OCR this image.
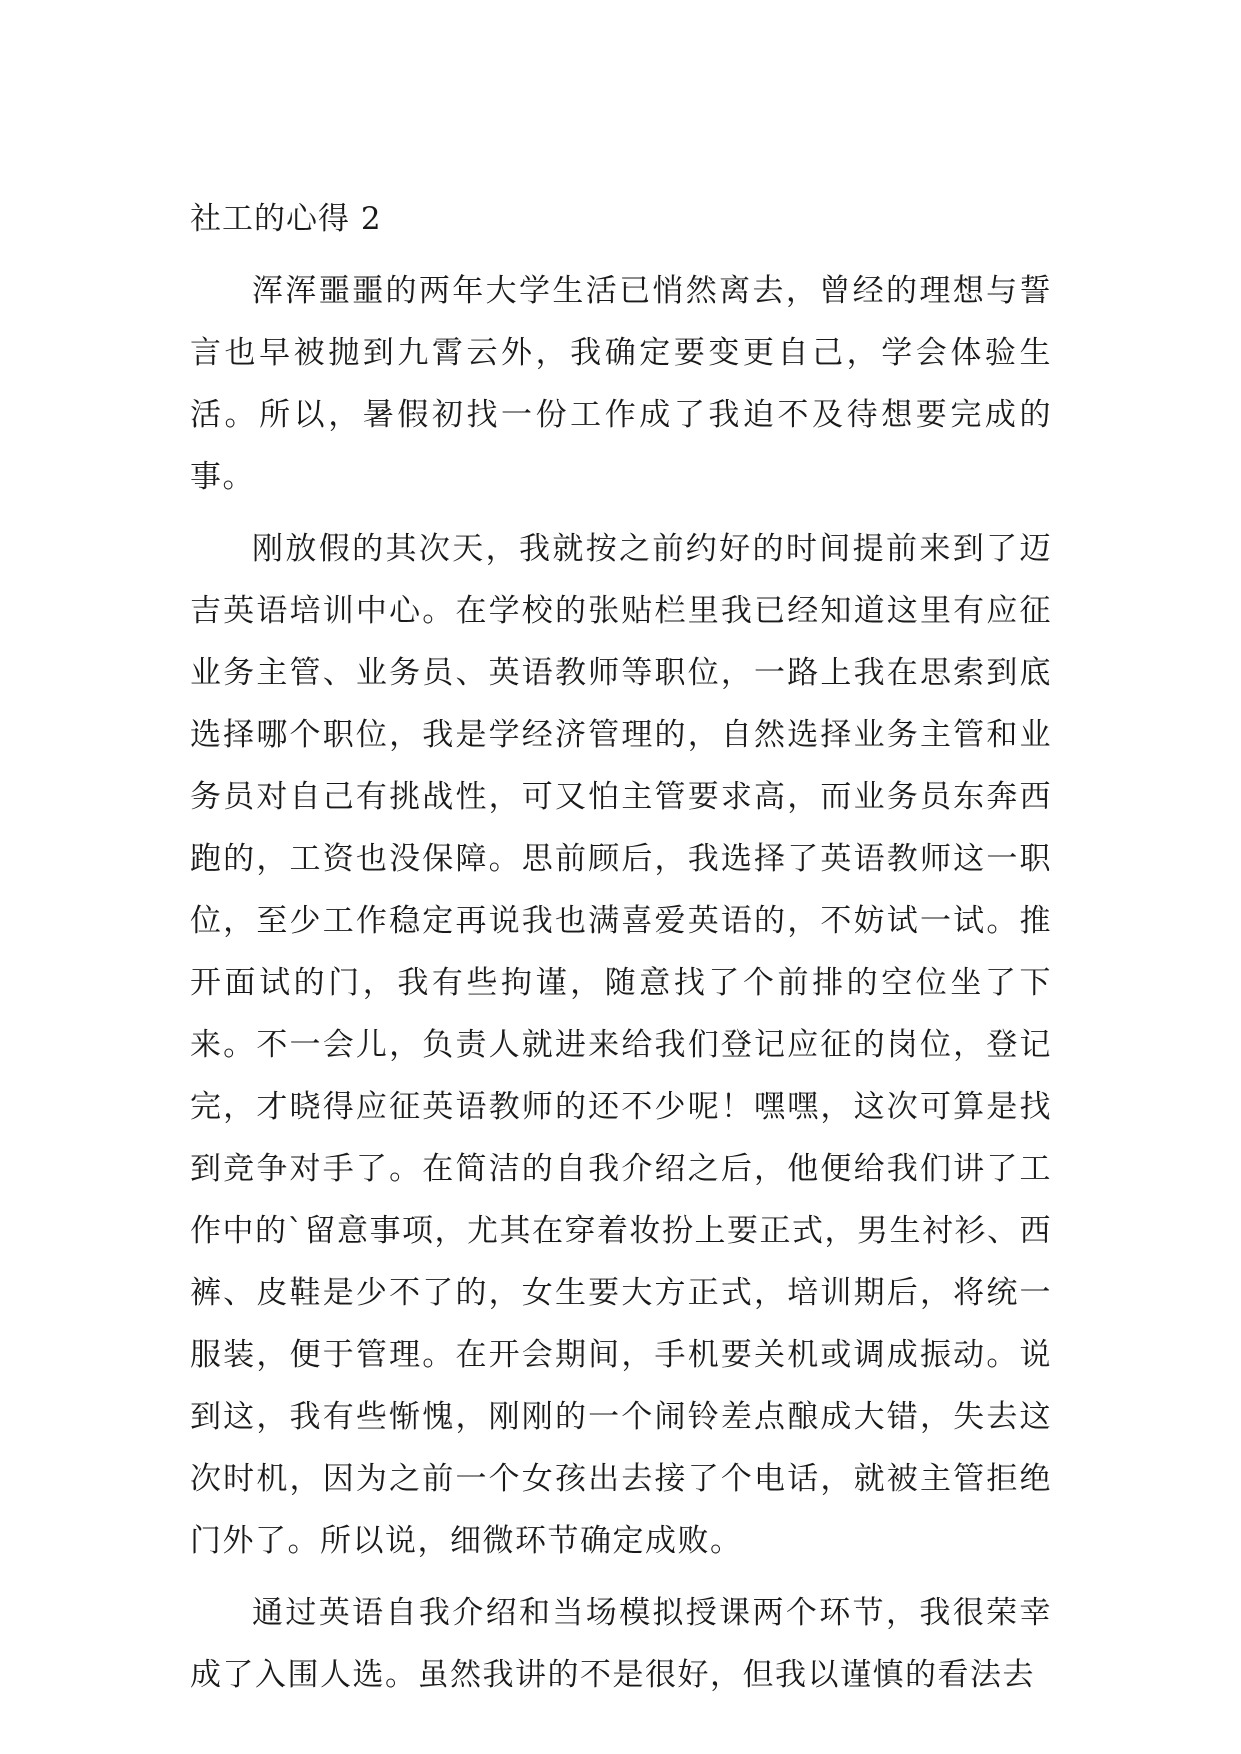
社工的心得 2

浑浑噩噩的两年大学生活已悄然离去，曾经的理想与誓言也早被抛到九霄云外，我确定要变更自己，学会体验生活。所以，暑假初找一份工作成了我迫不及待想要完成的事。

刚放假的其次天，我就按之前约好的时间提前来到了迈吉英语培训中心。在学校的张贴栏里我已经知道这里有应征业务主管、业务员、英语教师等职位，一路上我在思索到底选择哪个职位，我是学经济管理的，自然选择业务主管和业务员对自己有挑战性，可又怕主管要求高，而业务员东奔西跑的，工资也没保障。思前顾后，我选择了英语教师这一职位，至少工作稳定再说我也满喜爱英语的，不妨试一试。推开面试的门，我有些拘谨，随意找了个前排的空位坐了下来。不一会儿，负责人就进来给我们登记应征的岗位，登记完，才晓得应征英语教师的还不少呢！嘿嘿，这次可算是找到竞争对手了。在简洁的自我介绍之后，他便给我们讲了工作中的`留意事项，尤其在穿着妆扮上要正式，男生衬衫、西裤、皮鞋是少不了的，女生要大方正式，培训期后，将统一服装，便于管理。在开会期间，手机要关机或调成振动。说到这，我有些惭愧，刚刚的一个闹铃差点酿成大错，失去这次时机，因为之前一个女孩出去接了个电话，就被主管拒绝门外了。所以说，细微环节确定成败。

通过英语自我介绍和当场模拟授课两个环节，我很荣幸成了入围人选。虽然我讲的不是很好，但我以谨慎的看法去
